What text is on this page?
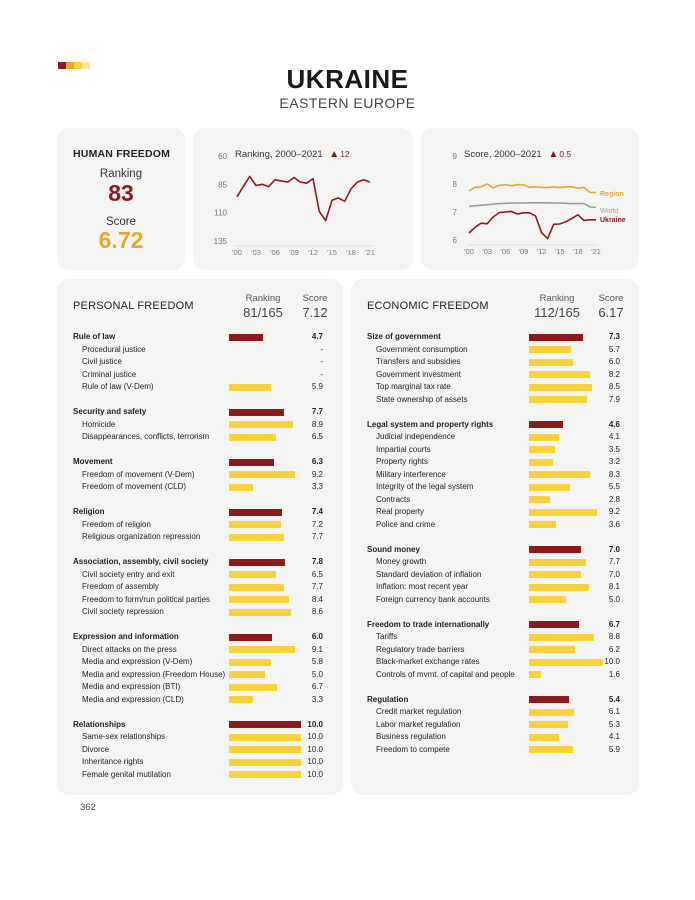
UKRAINE
EASTERN EUROPE
HUMAN FREEDOM
Ranking
83
Score
6.72
Ranking, 2000–2021 12
60
85
110
135
'00 '03 '06 '09 '12 '15 '18 '21
Score, 2000–2021 0.5
6
7
8
9
'00 '03 '06 '09 '12 '15 '18 '21
Region
World
Ukraine
PERSONAL FREEDOM
Ranking
81/165
Score
7.12
Rule of law	4.7
Procedural justice	-
Civil justice	-
Criminal justice	-
Rule of law (V-Dem)	5.9
Security and safety	7.7
Homicide	8.9
Disappearances, conflicts, terrorism	6.5
Movement	6.3
Freedom of movement (V-Dem)	9.2
Freedom of movement (CLD)	3.3
Religion	7.4
Freedom of religion	7.2
Religious organization repression	7.7
Association, assembly, civil society	7.8
Civil society entry and exit	6.5
Freedom of assembly	7.7
Freedom to form/run political parties	8.4
Civil society repression	8.6
Expression and information	6.0
Direct attacks on the press	9.1
Media and expression (V-Dem)	5.8
Media and expression (Freedom House)	5.0
Media and expression (BTI)	6.7
Media and expression (CLD)	3.3
Relationships	10.0
Same-sex relationships	10.0
Divorce	10.0
Inheritance rights	10.0
Female genital mutilation	10.0
ECONOMIC FREEDOM
Ranking
112/165
Score
6.17
Size of government	7.3
Government consumption	5.7
Transfers and subsidies	6.0
Government investment	8.2
Top marginal tax rate	8.5
State ownership of assets	7.9
Legal system and property rights	4.6
Judicial independence	4.1
Impartial courts	3.5
Property rights	3.2
Military interference	8.3
Integrity of the legal system	5.5
Contracts	2.8
Real property	9.2
Police and crime	3.6
Sound money	7.0
Money growth	7.7
Standard deviation of inflation	7.0
Inflation: most recent year	8.1
Foreign currency bank accounts	5.0
Freedom to trade internationally	6.7
Tariffs	8.8
Regulatory trade barriers	6.2
Black-market exchange rates	10.0
Controls of mvmt. of capital and people	1.6
Regulation	5.4
Credit market regulation	6.1
Labor market regulation	5.3
Business regulation	4.1
Freedom to compete	5.9
362
